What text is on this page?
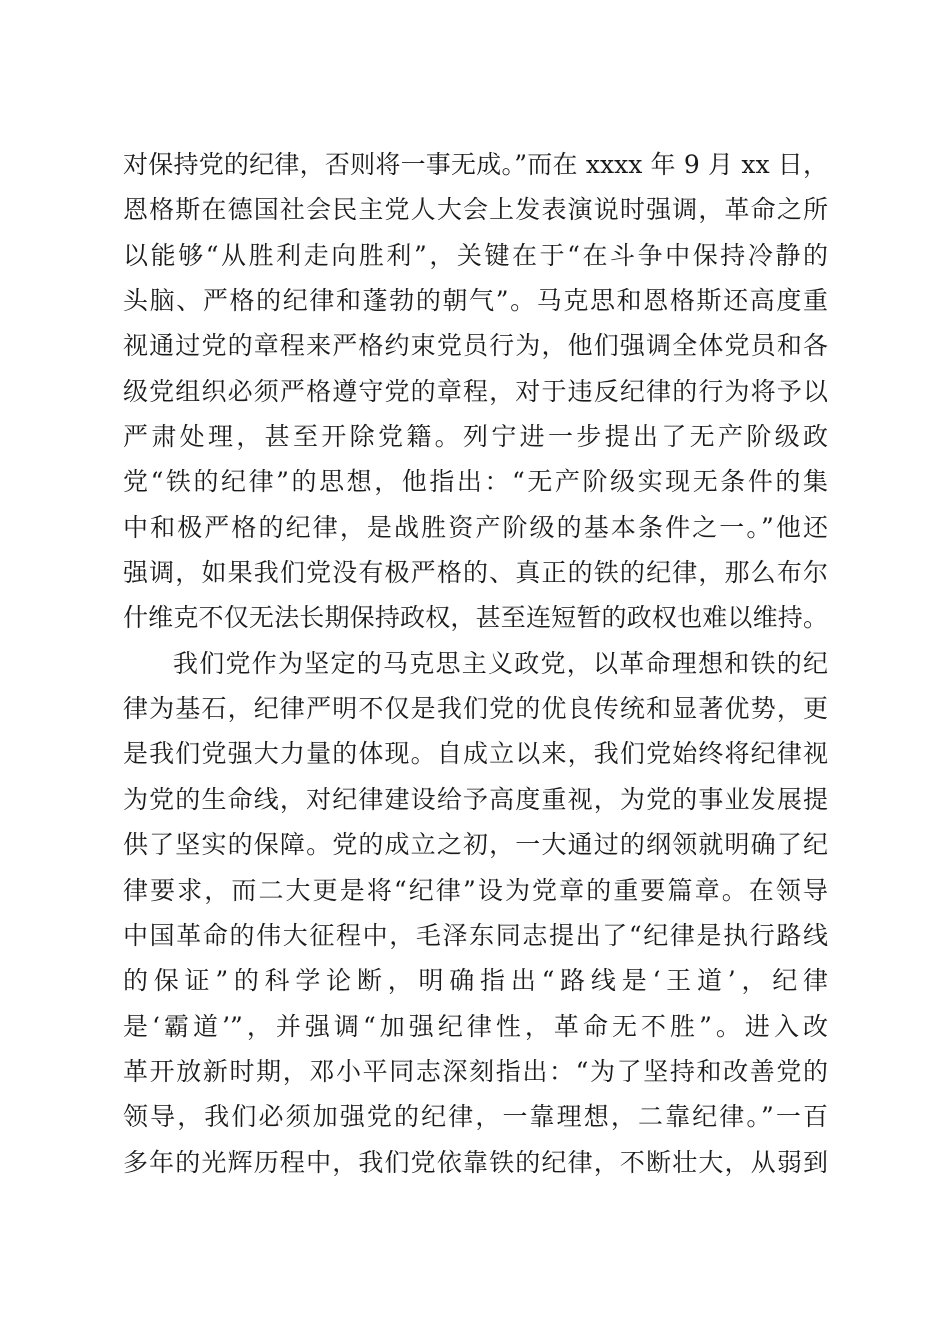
对保持党的纪律，否则将一事无成。”而在 xxxx 年 9 月 xx 日，
恩格斯在德国社会民主党人大会上发表演说时强调，革命之所
以能够“从胜利走向胜利”，关键在于“在斗争中保持冷静的
头脑、严格的纪律和蓬勃的朝气”。马克思和恩格斯还高度重
视通过党的章程来严格约束党员行为，他们强调全体党员和各
级党组织必须严格遵守党的章程，对于违反纪律的行为将予以
严肃处理，甚至开除党籍。列宁进一步提出了无产阶级政
党“铁的纪律”的思想，他指出：“无产阶级实现无条件的集
中和极严格的纪律，是战胜资产阶级的基本条件之一。”他还
强调，如果我们党没有极严格的、真正的铁的纪律，那么布尔
什维克不仅无法长期保持政权，甚至连短暂的政权也难以维持。
我们党作为坚定的马克思主义政党，以革命理想和铁的纪
律为基石，纪律严明不仅是我们党的优良传统和显著优势，更
是我们党强大力量的体现。自成立以来，我们党始终将纪律视
为党的生命线，对纪律建设给予高度重视，为党的事业发展提
供了坚实的保障。党的成立之初，一大通过的纲领就明确了纪
律要求，而二大更是将“纪律”设为党章的重要篇章。在领导
中国革命的伟大征程中，毛泽东同志提出了“纪律是执行路线
的保证”的科学论断，明确指出“路线是‘王道’，纪律
是‘霸道’”，并强调“加强纪律性，革命无不胜”。进入改
革开放新时期，邓小平同志深刻指出：“为了坚持和改善党的
领导，我们必须加强党的纪律，一靠理想，二靠纪律。”一百
多年的光辉历程中，我们党依靠铁的纪律，不断壮大，从弱到
